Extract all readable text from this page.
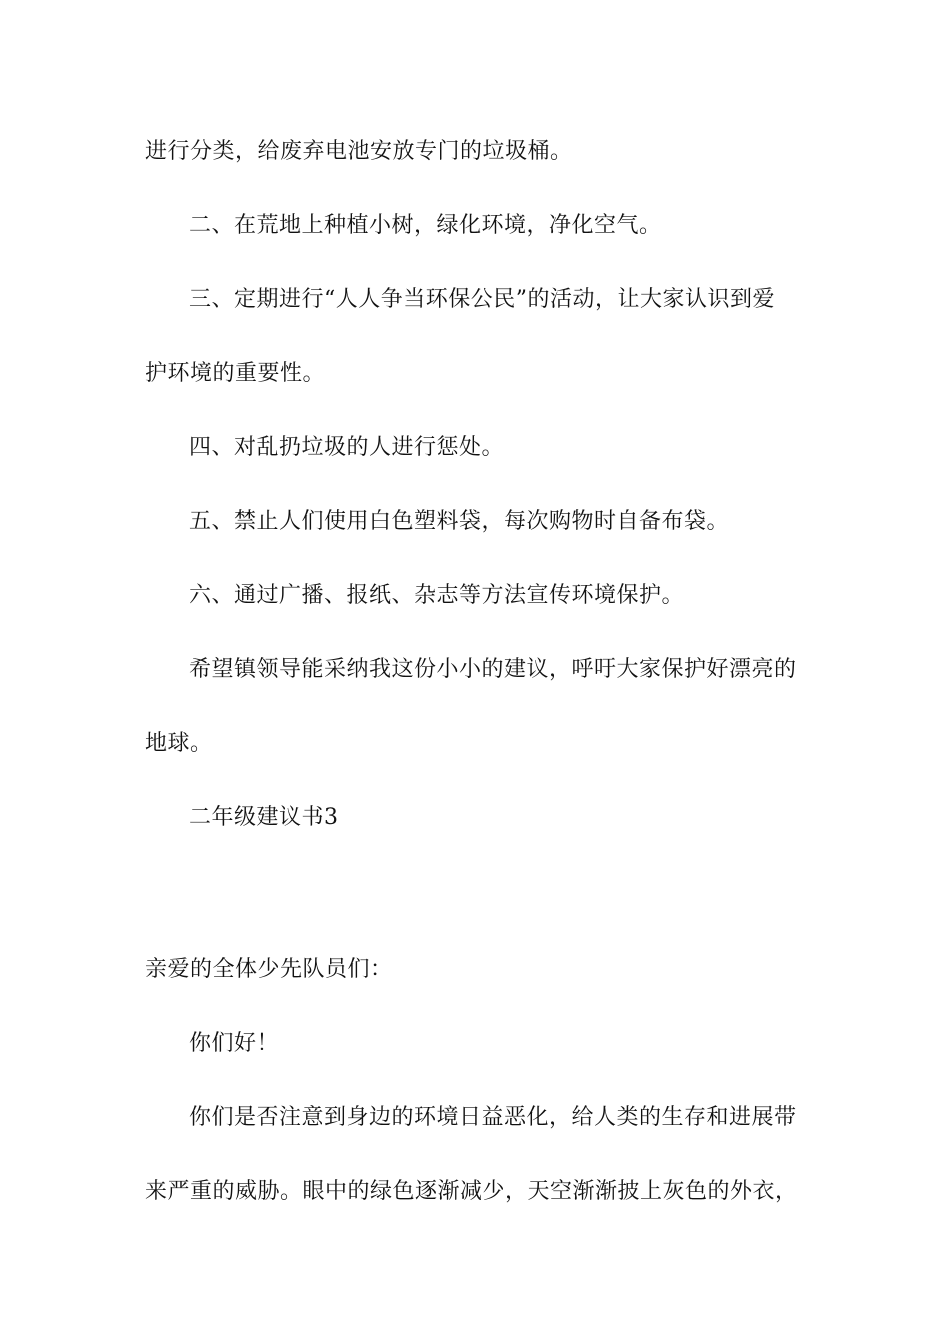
进行分类，给废弃电池安放专门的垃圾桶。
二、在荒地上种植小树，绿化环境，净化空气。
三、定期进行“人人争当环保公民”的活动，让大家认识到爱
护环境的重要性。
四、对乱扔垃圾的人进行惩处。
五、禁止人们使用白色塑料袋，每次购物时自备布袋。
六、通过广播、报纸、杂志等方法宣传环境保护。
希望镇领导能采纳我这份小小的建议，呼吁大家保护好漂亮的
地球。
二年级建议书3
亲爱的全体少先队员们：
你们好！
你们是否注意到身边的环境日益恶化，给人类的生存和进展带
来严重的威胁。眼中的绿色逐渐减少，天空渐渐披上灰色的外衣，
